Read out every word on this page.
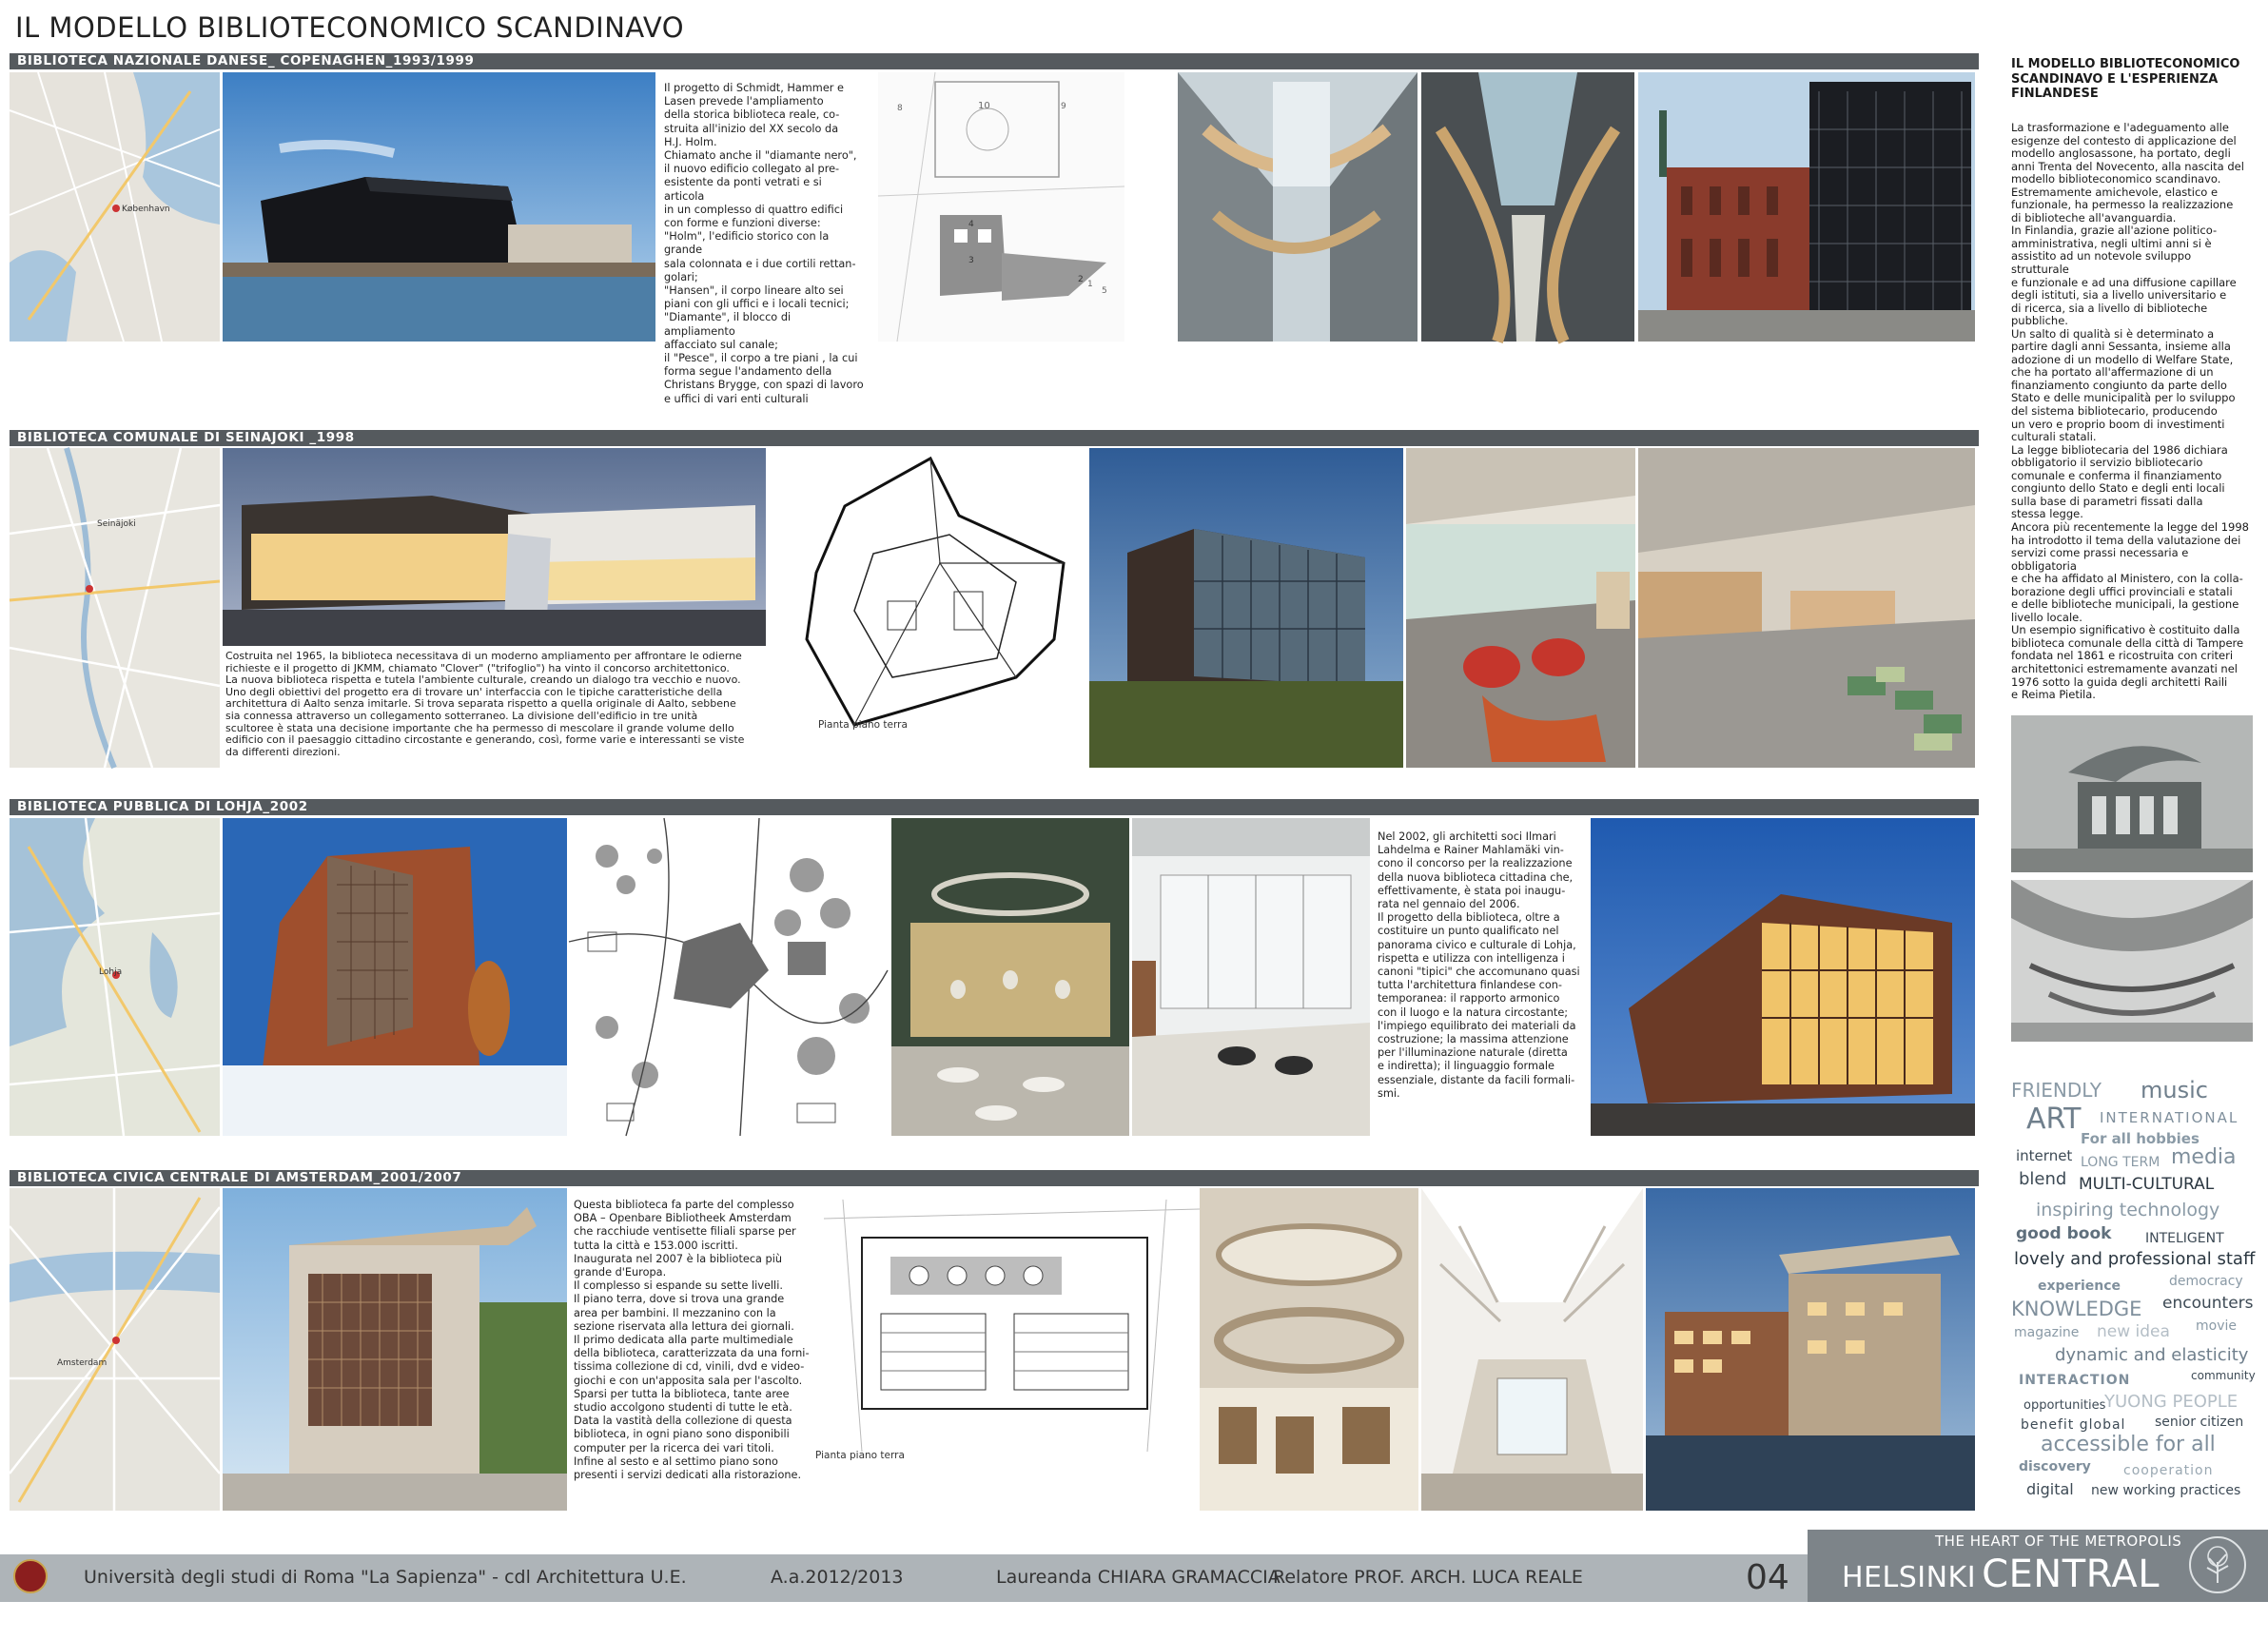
IL MODELLO BIBLIOTECONOMICO SCANDINAVO
BIBLIOTECA NAZIONALE DANESE_ COPENAGHEN_1993/1999
København
Il progetto di Schmidt, Hammer e
Lasen prevede l'ampliamento
della storica biblioteca reale, co-
struita all'inizio del XX secolo da
H.J. Holm.
Chiamato anche il "diamante nero",
il nuovo edificio collegato al pre-
esistente da ponti vetrati e si articola
in un complesso di quattro edifici
con forme e funzioni diverse:
"Holm", l'edificio storico con la grande
sala colonnata e i due cortili rettan-
golari;
"Hansen", il corpo lineare alto sei
piani con gli uffici e i locali tecnici;
"Diamante", il blocco di ampliamento
affacciato sul canale;
il "Pesce", il corpo a tre piani , la cui
forma segue l'andamento della
Christans Brygge, con spazi di lavoro
e uffici di vari enti culturali
10
8	9
4
3
2 1
5
BIBLIOTECA COMUNALE DI SEINAJOKI _1998
Seinäjoki
Costruita nel 1965, la biblioteca necessitava di un moderno ampliamento per affrontare le odierne
richieste e il progetto di JKMM, chiamato "Clover" ("trifoglio") ha vinto il concorso architettonico.
La nuova biblioteca rispetta e tutela l'ambiente culturale, creando un dialogo tra vecchio e nuovo.
Uno degli obiettivi del progetto era di trovare un' interfaccia con le tipiche caratteristiche della
architettura di Aalto senza imitarle. Si trova separata rispetto a quella originale di Aalto, sebbene
sia connessa attraverso un collegamento sotterraneo. La divisione dell'edificio in tre unità
scultoree è stata una decisione importante che ha permesso di mescolare il grande volume dello
edificio con il paesaggio cittadino circostante e generando, così, forme varie e interessanti se viste
da differenti direzioni.
Pianta piano terra
BIBLIOTECA PUBBLICA DI LOHJA_2002
Lohja
Nel 2002, gli architetti soci Ilmari
Lahdelma e Rainer Mahlamäki vin-
cono il concorso per la realizzazione
della nuova biblioteca cittadina che,
effettivamente, è stata poi inaugu-
rata nel gennaio del 2006.
Il progetto della biblioteca, oltre a
costituire un punto qualificato nel
panorama civico e culturale di Lohja,
rispetta e utilizza con intelligenza i
canoni "tipici" che accomunano quasi
tutta l'architettura finlandese con-
temporanea: il rapporto armonico
con il luogo e la natura circostante;
l'impiego equilibrato dei materiali da
costruzione; la massima attenzione
per l'illuminazione naturale (diretta
e indiretta); il linguaggio formale
essenziale, distante da facili formali-
smi.
BIBLIOTECA CIVICA CENTRALE DI AMSTERDAM_2001/2007
Amsterdam
Questa biblioteca fa parte del complesso
OBA – Openbare Bibliotheek Amsterdam
che racchiude ventisette filiali sparse per
tutta la città e 153.000 iscritti.
Inaugurata nel 2007 è la biblioteca più
grande d'Europa.
Il complesso si espande su sette livelli.
Il piano terra, dove si trova una grande
area per bambini. Il mezzanino con la
sezione riservata alla lettura dei giornali.
Il primo dedicata alla parte multimediale
della biblioteca, caratterizzata da una forni-
tissima collezione di cd, vinili, dvd e video-
giochi e con un'apposita sala per l'ascolto.
Sparsi per tutta la biblioteca, tante aree
studio accolgono studenti di tutte le età.
Data la vastità della collezione di questa
biblioteca, in ogni piano sono disponibili
computer per la ricerca dei vari titoli.
Infine al sesto e al settimo piano sono
presenti i servizi dedicati alla ristorazione.
Pianta piano terra
IL MODELLO BIBLIOTECONOMICO
SCANDINAVO E L'ESPERIENZA
FINLANDESE
La trasformazione e l'adeguamento alle
esigenze del contesto di applicazione del
modello anglosassone, ha portato, degli
anni Trenta del Novecento, alla nascita del
modello biblioteconomico scandinavo.
Estremamente amichevole, elastico e
funzionale, ha permesso la realizzazione
di biblioteche all'avanguardia.
In Finlandia, grazie all'azione politico-
amministrativa, negli ultimi anni si è
assistito ad un notevole sviluppo strutturale
e funzionale e ad una diffusione capillare
degli istituti, sia a livello universitario e
di ricerca, sia a livello di biblioteche
pubbliche.
Un salto di qualità si è determinato a
partire dagli anni Sessanta, insieme alla
adozione di un modello di Welfare State,
che ha portato all'affermazione di un
finanziamento congiunto da parte dello
Stato e delle municipalità per lo sviluppo
del sistema bibliotecario, producendo
un vero e proprio boom di investimenti
culturali statali.
La legge bibliotecaria del 1986 dichiara
obbligatorio il servizio bibliotecario
comunale e conferma il finanziamento
congiunto dello Stato e degli enti locali
sulla base di parametri fissati dalla
stessa legge.
Ancora più recentemente la legge del 1998
ha introdotto il tema della valutazione dei
servizi come prassi necessaria e obbligatoria
e che ha affidato al Ministero, con la colla-
borazione degli uffici provinciali e statali
e delle biblioteche municipali, la gestione
livello locale.
Un esempio significativo è costituito dalla
biblioteca comunale della città di Tampere
fondata nel 1861 e ricostruita con criteri
architettonici estremamente avanzati nel
1976 sotto la guida degli architetti Raili
e Reima Pietila.
FRIENDLY music
ART INTERNATIONAL
For all hobbies
internet LONG TERM media
blend MULTI-CULTURAL
inspiring technology
good book	INTELIGENT
lovely and professional staff
experience	democracy
KNOWLEDGE encounters
magazine new idea movie
dynamic and elasticity
INTERACTION	community
opportunities
YUONG PEOPLE
benefit global senior citizen
accessible for all
discovery cooperation
digital new working practices
Università degli studi di Roma "La Sapienza" - cdl Architettura U.E.	A.a.2012/2013	Laureanda CHIARA GRAMACCIA
Relatore PROF. ARCH. LUCA REALE	04
THE HEART OF THE METROPOLIS
HELSINKI CENTRAL LIBRARY
